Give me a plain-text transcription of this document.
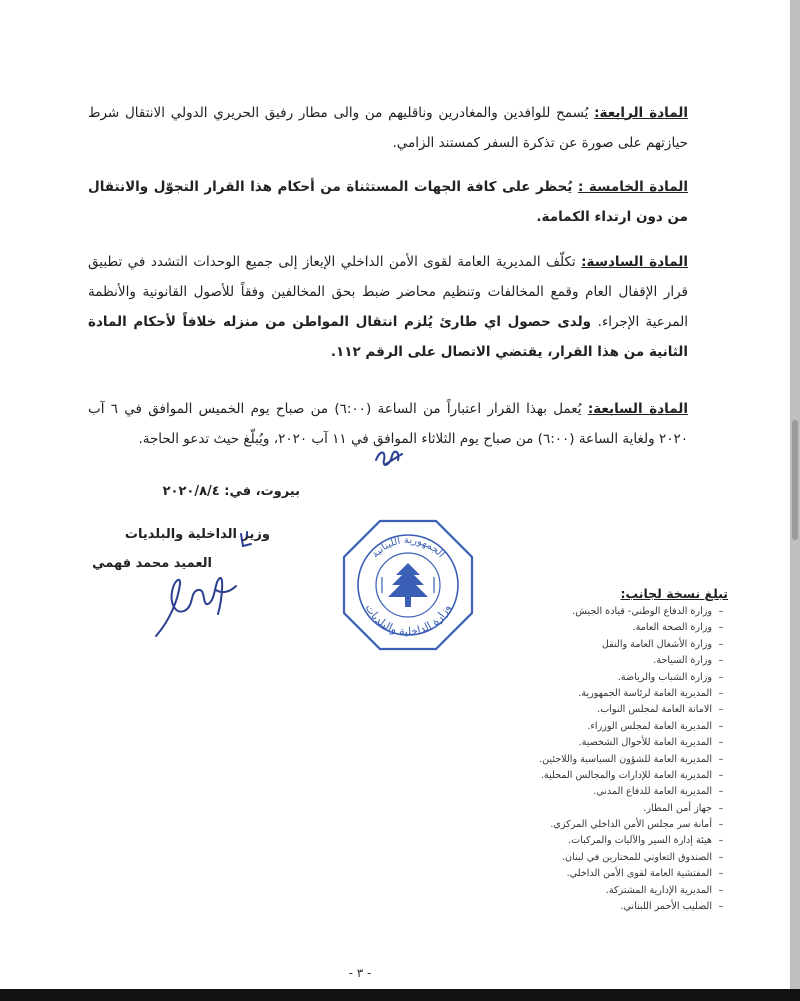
المادة الرابعة: يُسمح للوافدين والمغادرين وناقليهم من والى مطار رفيق الحريري الدولي الانتقال شرط حيازتهم على صورة عن تذكرة السفر كمستند الزامي.

المادة الخامسة : يُحظر على كافة الجهات المستثناة من أحكام هذا القرار التجوّل والانتقال من دون ارتداء الكمامة.

المادة السادسة: تكلّف المديرية العامة لقوى الأمن الداخلي الإيعاز إلى جميع الوحدات التشدد في تطبيق قرار الإقفال العام وقمع المخالفات وتنظيم محاضر ضبط بحق المخالفين وفقاً للأصول القانونية والأنظمة المرعية الإجراء. ولدى حصول اي طارئ يُلزم انتقال المواطن من منزله خلافاً لأحكام المادة الثانية من هذا القرار، يقتضي الاتصال على الرقم ١١٢.

المادة السابعة: يُعمل بهذا القرار اعتباراً من الساعة (٦:٠٠) من صباح يوم الخميس الموافق في ٦ آب ٢٠٢٠ ولغاية الساعة (٦:٠٠) من صباح يوم الثلاثاء الموافق في ١١ آب ٢٠٢٠، ويُبلّغ حيث تدعو الحاجة.

بيروت، في: ٢٠٢٠/٨/٤
وزير الداخلية والبلديات
العميد محمد فهمي
الجمهورية اللبنانية
وزارة الداخلية والبلديات
تبلغ نسخة لجانب:
–وزارة الدفاع الوطني- قيادة الجيش.
–وزارة الصحة العامة.
–وزارة الأشغال العامة والنقل
–وزارة السياحة.
–وزارة الشباب والرياضة.
–المديرية العامة لرئاسة الجمهورية.
–الامانة العامة لمجلس النواب.
–المديرية العامة لمجلس الوزراء.
–المديرية العامة للأحوال الشخصية.
–المديرية العامة للشؤون السياسية واللاجئين.
–المديرية العامة للإدارات والمجالس المحلية.
–المديرية العامة للدفاع المدني.
–جهاز أمن المطار.
–أمانة سر مجلس الأمن الداخلي المركزي.
–هيئة إدارة السير والآليات والمركبات.
–الصندوق التعاوني للمختارين في لبنان.
–المفتشية العامة لقوى الأمن الداخلي.
–المديرية الإدارية المشتركة.
–الصليب الأحمر اللبناني.
- ٣ -
